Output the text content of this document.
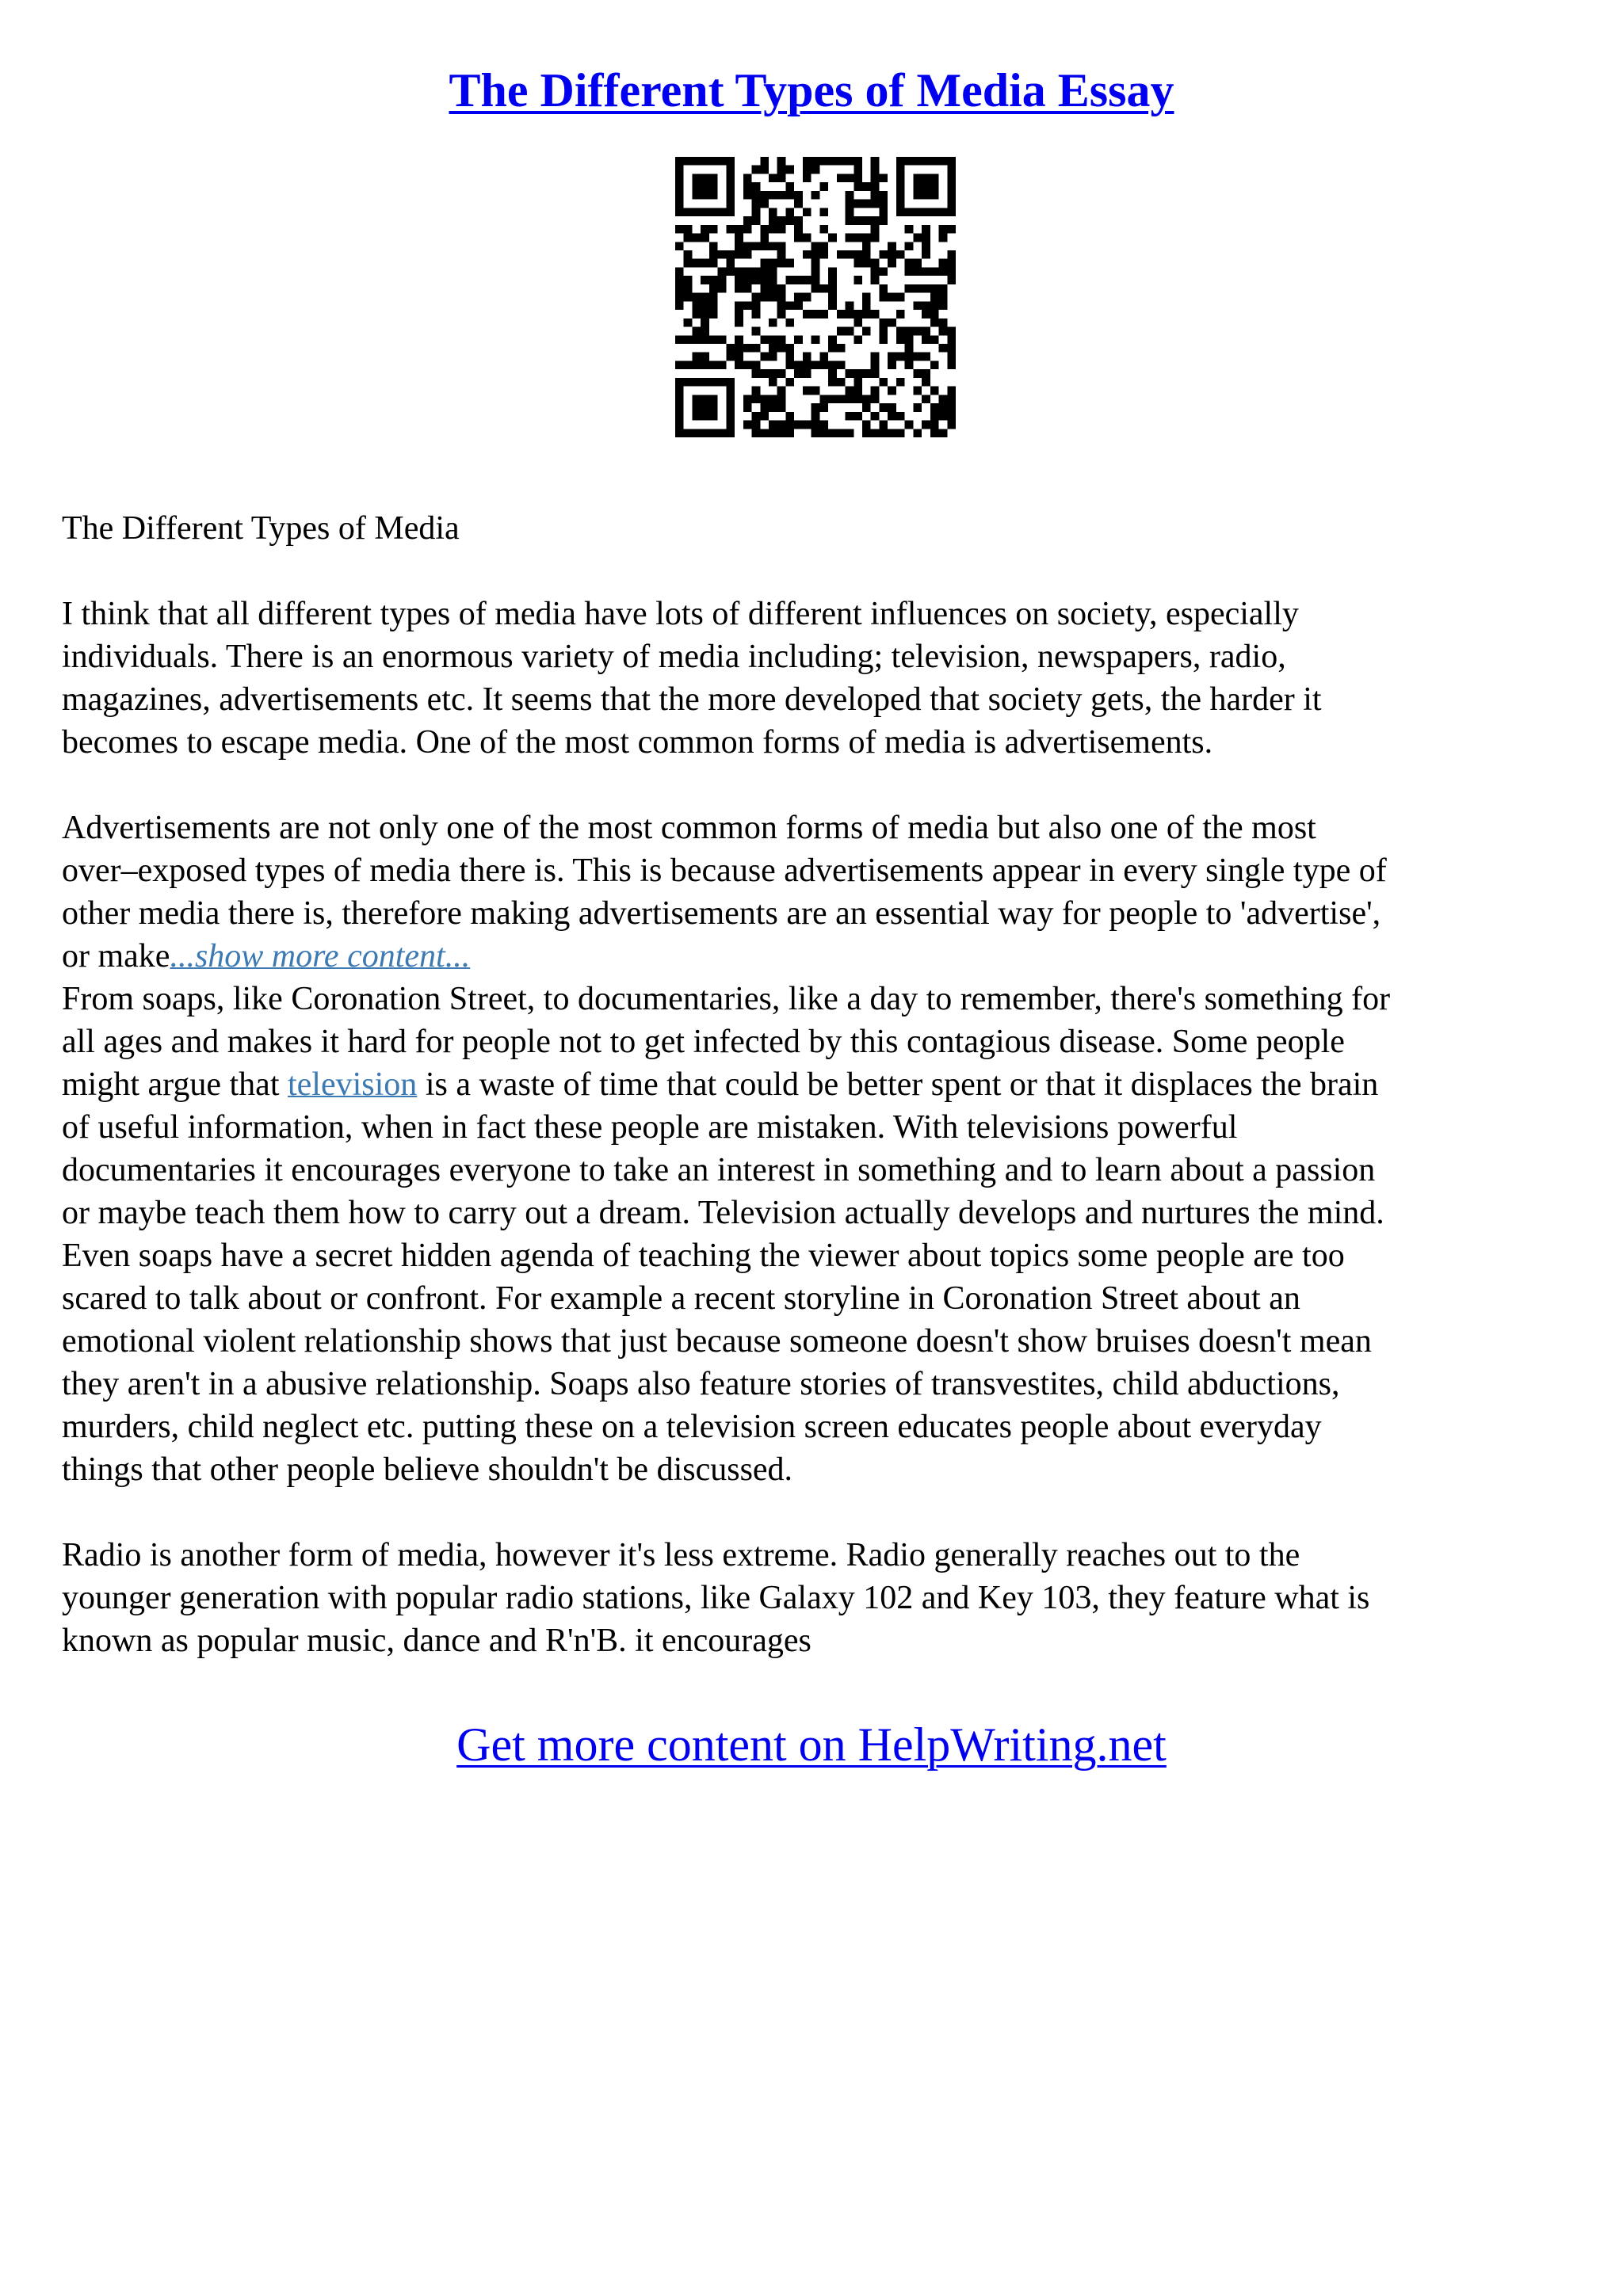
The Different Types of Media Essay

The Different Types of Media

I think that all different types of media have lots of different influences on society, especially

individuals. There is an enormous variety of media including; television, newspapers, radio,

magazines, advertisements etc. It seems that the more developed that society gets, the harder it

becomes to escape media. One of the most common forms of media is advertisements.

Advertisements are not only one of the most common forms of media but also one of the most

over–exposed types of media there is. This is because advertisements appear in every single type of

other media there is, therefore making advertisements are an essential way for people to 'advertise',

or make...show more content...

From soaps, like Coronation Street, to documentaries, like a day to remember, there's something for

all ages and makes it hard for people not to get infected by this contagious disease. Some people

might argue that television is a waste of time that could be better spent or that it displaces the brain

of useful information, when in fact these people are mistaken. With televisions powerful

documentaries it encourages everyone to take an interest in something and to learn about a passion

or maybe teach them how to carry out a dream. Television actually develops and nurtures the mind.

Even soaps have a secret hidden agenda of teaching the viewer about topics some people are too

scared to talk about or confront. For example a recent storyline in Coronation Street about an

emotional violent relationship shows that just because someone doesn't show bruises doesn't mean

they aren't in a abusive relationship. Soaps also feature stories of transvestites, child abductions,

murders, child neglect etc. putting these on a television screen educates people about everyday

things that other people believe shouldn't be discussed.

Radio is another form of media, however it's less extreme. Radio generally reaches out to the

younger generation with popular radio stations, like Galaxy 102 and Key 103, they feature what is

known as popular music, dance and R'n'B. it encourages

Get more content on HelpWriting.net
